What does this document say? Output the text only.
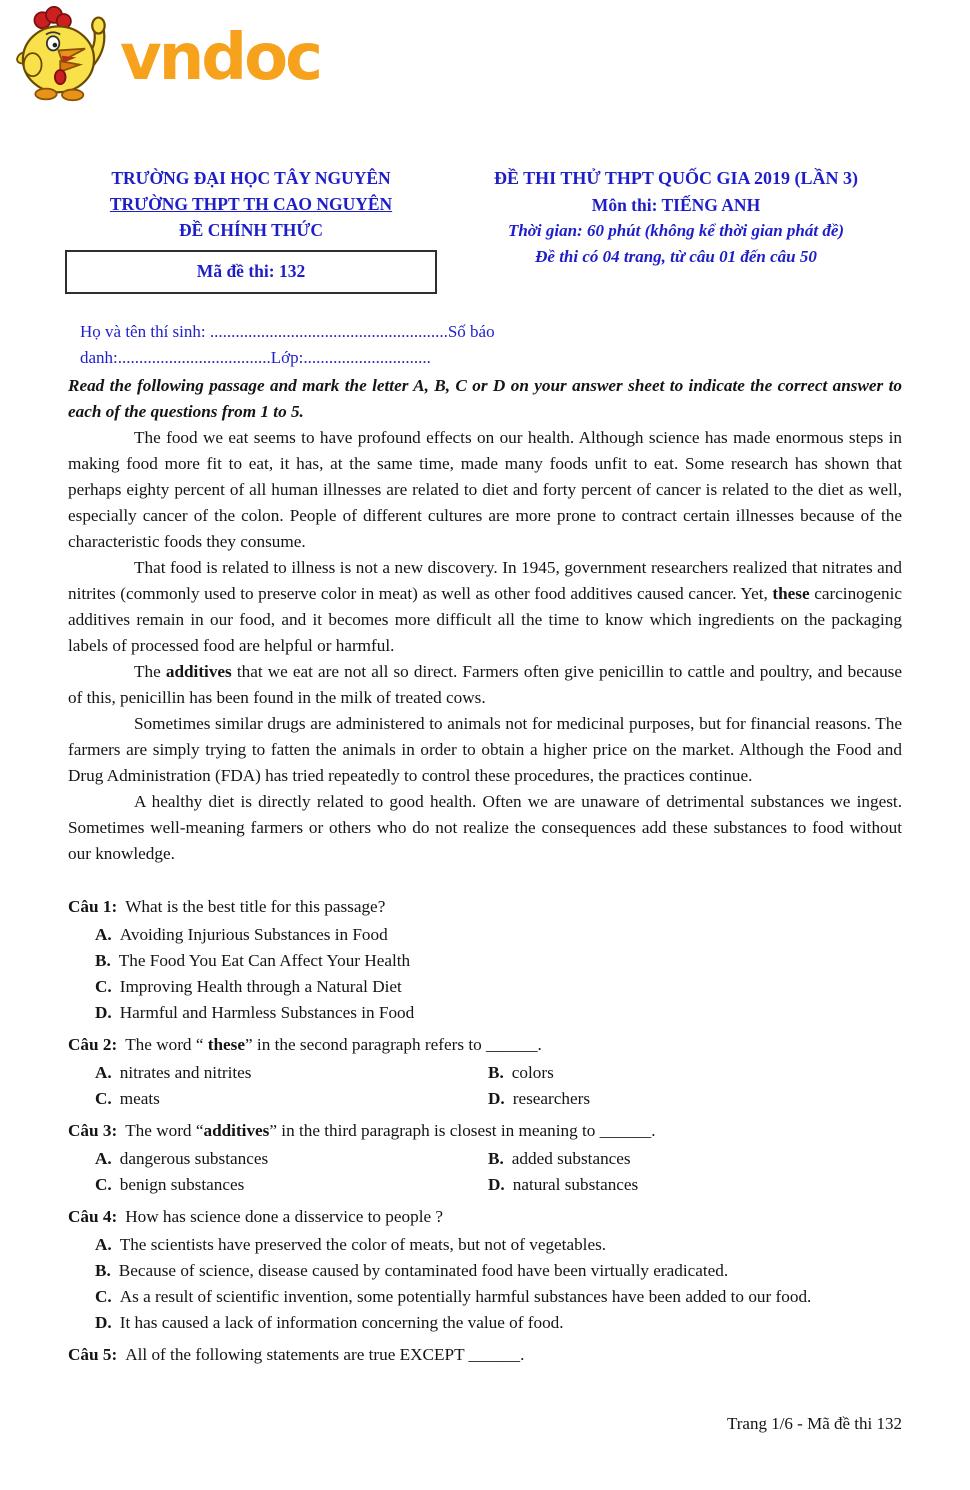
vndoc
TRƯỜNG ĐẠI HỌC TÂY NGUYÊN
TRƯỜNG THPT TH CAO NGUYÊN
ĐỀ CHÍNH THỨC
Mã đề thi: 132
ĐỀ THI THỬ THPT QUỐC GIA 2019 (LẦN 3)
Môn thi: TIẾNG ANH
Thời gian: 60 phút (không kể thời gian phát đề)
Đề thi có 04 trang, từ câu 01 đến câu 50
Họ và tên thí sinh: ........................................................Số báo
danh:....................................Lớp:..............................

Read the following passage and mark the letter A, B, C or D on your answer sheet to indicate the correct answer to each of the questions from 1 to 5.

The food we eat seems to have profound effects on our health. Although science has made enormous steps in making food more fit to eat, it has, at the same time, made many foods unfit to eat. Some research has shown that perhaps eighty percent of all human illnesses are related to diet and forty percent of cancer is related to the diet as well, especially cancer of the colon. People of different cultures are more prone to contract certain illnesses because of the characteristic foods they consume.

That food is related to illness is not a new discovery. In 1945, government researchers realized that nitrates and nitrites (commonly used to preserve color in meat) as well as other food additives caused cancer. Yet, these carcinogenic additives remain in our food, and it becomes more difficult all the time to know which ingredients on the packaging labels of processed food are helpful or harmful.

The additives that we eat are not all so direct. Farmers often give penicillin to cattle and poultry, and because of this, penicillin has been found in the milk of treated cows.

Sometimes similar drugs are administered to animals not for medicinal purposes, but for financial reasons. The farmers are simply trying to fatten the animals in order to obtain a higher price on the market. Although the Food and Drug Administration (FDA) has tried repeatedly to control these procedures, the practices continue.

A healthy diet is directly related to good health. Often we are unaware of detrimental substances we ingest. Sometimes well-meaning farmers or others who do not realize the consequences add these substances to food without our knowledge.

Câu 1: What is the best title for this passage?

A. Avoiding Injurious Substances in Food

B. The Food You Eat Can Affect Your Health

C. Improving Health through a Natural Diet

D. Harmful and Harmless Substances in Food

Câu 2: The word “ these” in the second paragraph refers to ______.

A. nitrates and nitrites	B. colors

C. meats	D. researchers

Câu 3: The word “additives” in the third paragraph is closest in meaning to ______.

A. dangerous substances	B. added substances

C. benign substances	D. natural substances

Câu 4: How has science done a disservice to people ?

A. The scientists have preserved the color of meats, but not of vegetables.

B. Because of science, disease caused by contaminated food have been virtually eradicated.

C. As a result of scientific invention, some potentially harmful substances have been added to our food.

D. It has caused a lack of information concerning the value of food.

Câu 5: All of the following statements are true EXCEPT ______.

Trang 1/6 - Mã đề thi 132
